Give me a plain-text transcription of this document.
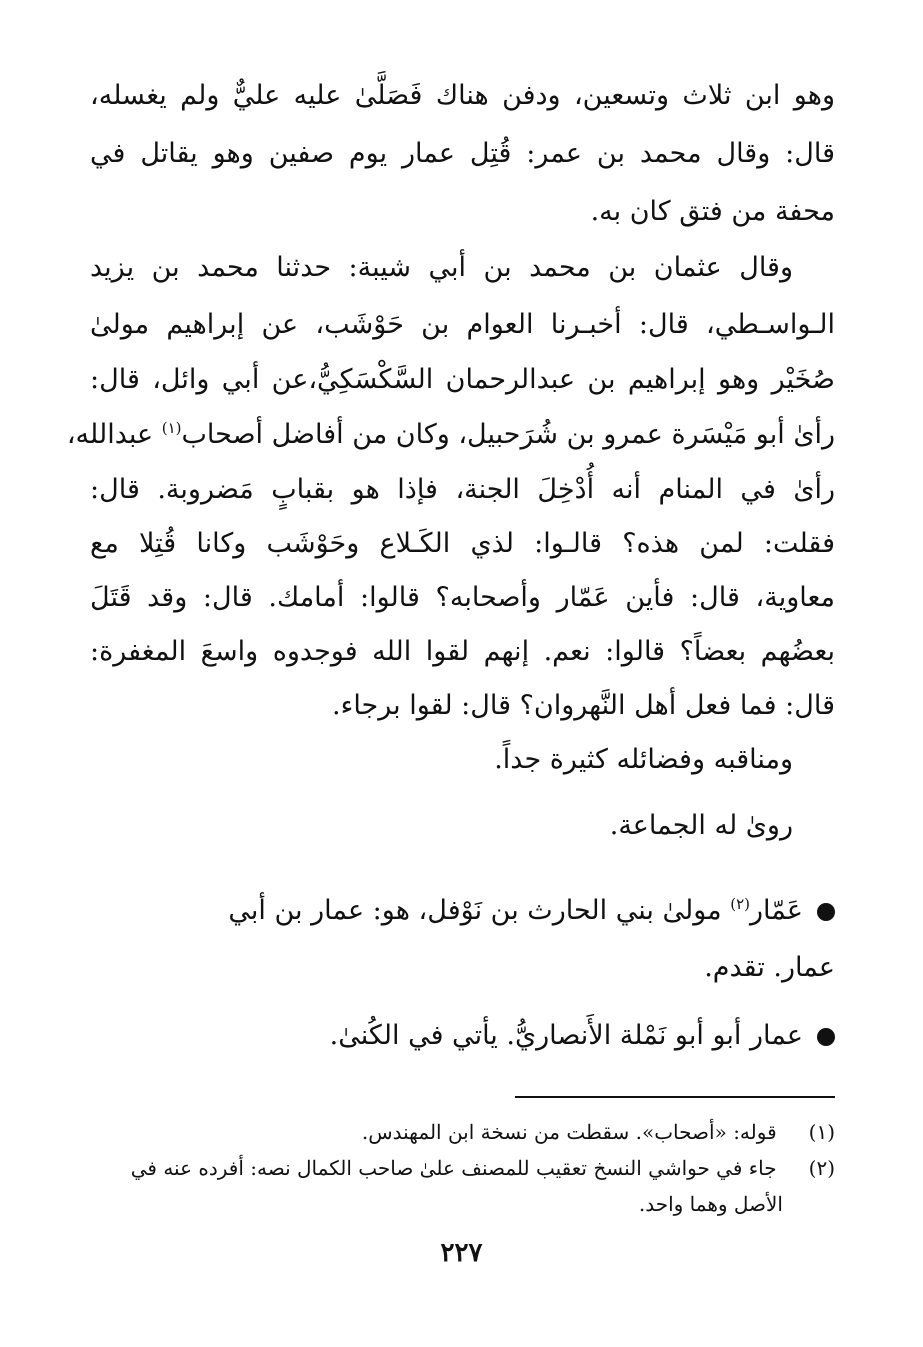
وهو ابن ثلاث وتسعين، ودفن هناك فَصَلَّىٰ عليه عليٌّ ولم يغسله،
قال: وقال محمد بن عمر: قُتِل عمار يوم صفين وهو يقاتل في
محفة من فتق كان به.
وقال عثمان بن محمد بن أبي شيبة: حدثنا محمد بن يزيد
الـواسـطي، قال: أخبـرنا العوام بن حَوْشَب، عن إبراهيم مولىٰ
صُخَيْر وهو إبراهيم بن عبدالرحمان السَّكْسَكِيُّ،عن أبي وائل، قال:
رأىٰ أبو مَيْسَرة عمرو بن شُرَحبيل، وكان من أفاضل أصحاب$^{(١)}$ عبدالله،
رأىٰ في المنام أنه أُدْخِلَ الجنة، فإذا هو بقبابٍ مَضروبة. قال:
فقلت: لمن هذه؟ قالـوا: لذي الكَـلاع وحَوْشَب وكانا قُتِلا مع
معاوية، قال: فأين عَمّار وأصحابه؟ قالوا: أمامك. قال: وقد قَتَلَ
بعضُهم بعضاً؟ قالوا: نعم. إنهم لقوا الله فوجدوه واسعَ المغفرة:
قال: فما فعل أهل النَّهروان؟ قال: لقوا برجاء.
ومناقبه وفضائله كثيرة جداً.
روىٰ له الجماعة.
عَمّار$^{(٢)}$ مولىٰ بني الحارث بن نَوْفل، هو: عمار بن أبي
عمار. تقدم.
عمار أبو أبو نَمْلة الأَنصاريُّ. يأتي في الكُنىٰ.
(١) قوله: «أصحاب». سقطت من نسخة ابن المهندس.
(٢) جاء في حواشي النسخ تعقيب للمصنف علىٰ صاحب الكمال نصه: أفرده عنه في
الأصل وهما واحد.
٢٢٧
